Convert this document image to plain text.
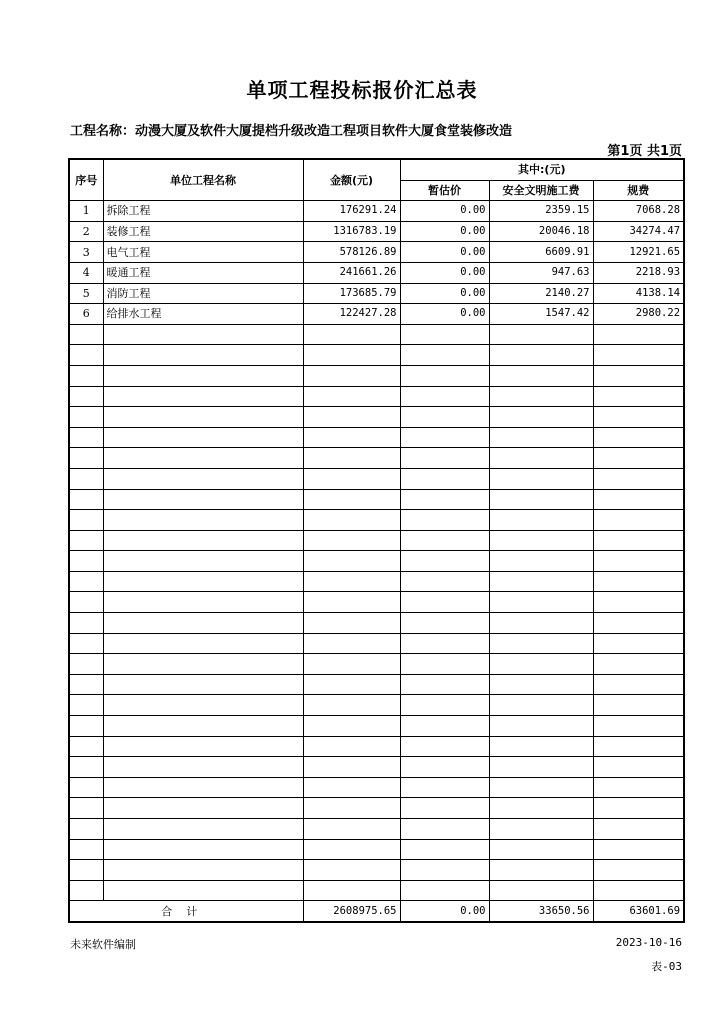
单项工程投标报价汇总表
工程名称：动漫大厦及软件大厦提档升级改造工程项目软件大厦食堂装修改造
第1页 共1页
序号	单位工程名称	金额(元)	其中:(元)		
			暂估价	安全文明施工费	规费
1	拆除工程	176291.24	0.00	2359.15	7068.28
2	装修工程	1316783.19	0.00	20046.18	34274.47
3	电气工程	578126.89	0.00	6609.91	12921.65
4	暖通工程	241661.26	0.00	947.63	2218.93
5	消防工程	173685.79	0.00	2140.27	4138.14
6	给排水工程	122427.28	0.00	1547.42	2980.22

合计		2608975.65	0.00	33650.56	63601.69
未来软件编制	2023-10-16
表-03
